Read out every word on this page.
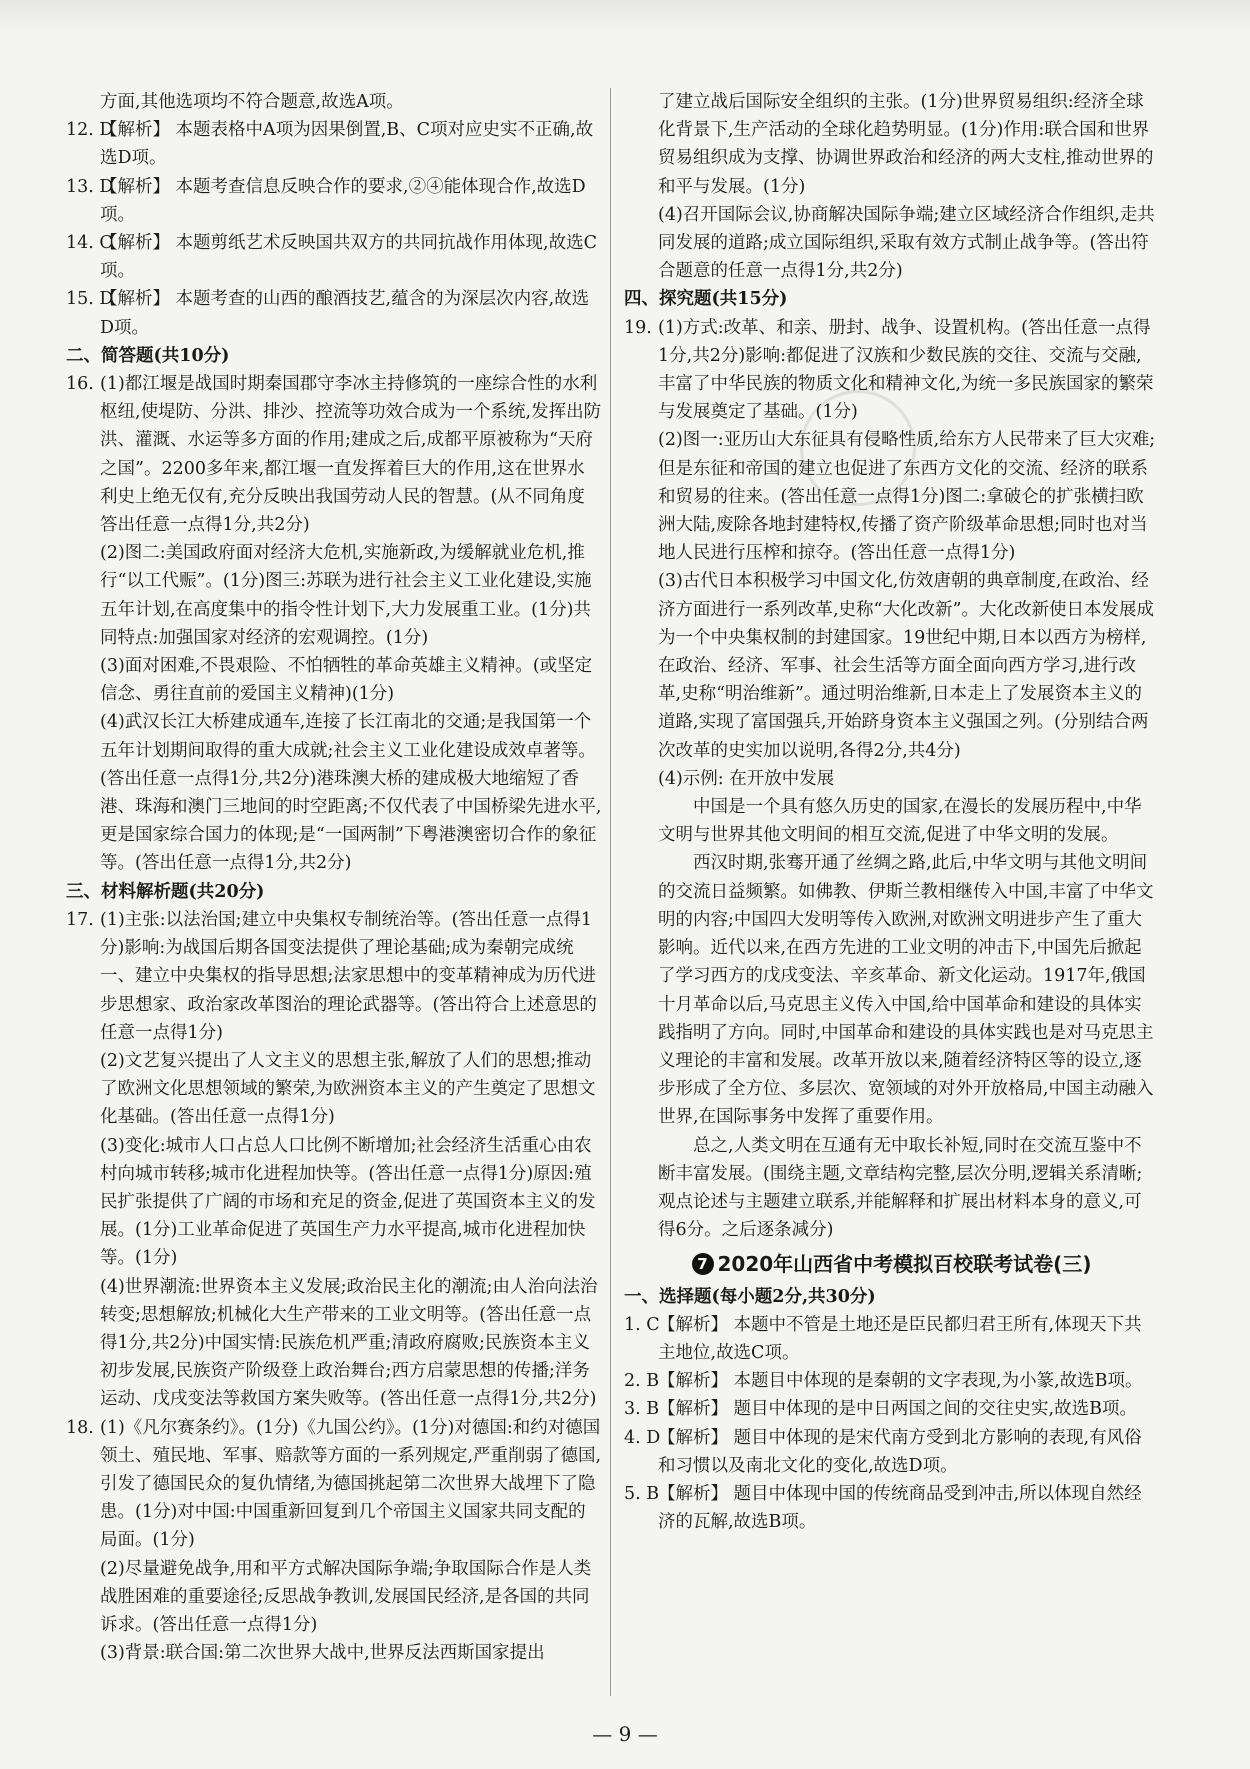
方面,其他选项均不符合题意,故选A项。

12. D
【解析】 本题表格中A项为因果倒置,B、C项对应史实不正确,故选D项。

13. D
【解析】 本题考查信息反映合作的要求,②④能体现合作,故选D项。

14. C
【解析】 本题剪纸艺术反映国共双方的共同抗战作用体现,故选C项。

15. D
【解析】 本题考查的山西的酿酒技艺,蕴含的为深层次内容,故选D项。

二、简答题(共10分)

16. (1)都江堰是战国时期秦国郡守李冰主持修筑的一座综合性的水利枢纽,使堤防、分洪、排沙、控流等功效合成为一个系统,发挥出防洪、灌溉、水运等多方面的作用;建成之后,成都平原被称为“天府之国”。2200多年来,都江堰一直发挥着巨大的作用,这在世界水利史上绝无仅有,充分反映出我国劳动人民的智慧。(从不同角度答出任意一点得1分,共2分)

(2)图二:美国政府面对经济大危机,实施新政,为缓解就业危机,推行“以工代赈”。(1分)图三:苏联为进行社会主义工业化建设,实施五年计划,在高度集中的指令性计划下,大力发展重工业。(1分)共同特点:加强国家对经济的宏观调控。(1分)

(3)面对困难,不畏艰险、不怕牺牲的革命英雄主义精神。(或坚定信念、勇往直前的爱国主义精神)(1分)

(4)武汉长江大桥建成通车,连接了长江南北的交通;是我国第一个五年计划期间取得的重大成就;社会主义工业化建设成效卓著等。(答出任意一点得1分,共2分)港珠澳大桥的建成极大地缩短了香港、珠海和澳门三地间的时空距离;不仅代表了中国桥梁先进水平,更是国家综合国力的体现;是“一国两制”下粤港澳密切合作的象征等。(答出任意一点得1分,共2分)

三、材料解析题(共20分)

17. (1)主张:以法治国;建立中央集权专制统治等。(答出任意一点得1分)影响:为战国后期各国变法提供了理论基础;成为秦朝完成统一、建立中央集权的指导思想;法家思想中的变革精神成为历代进步思想家、政治家改革图治的理论武器等。(答出符合上述意思的任意一点得1分)

(2)文艺复兴提出了人文主义的思想主张,解放了人们的思想;推动了欧洲文化思想领域的繁荣,为欧洲资本主义的产生奠定了思想文化基础。(答出任意一点得1分)

(3)变化:城市人口占总人口比例不断增加;社会经济生活重心由农村向城市转移;城市化进程加快等。(答出任意一点得1分)原因:殖民扩张提供了广阔的市场和充足的资金,促进了英国资本主义的发展。(1分)工业革命促进了英国生产力水平提高,城市化进程加快等。(1分)

(4)世界潮流:世界资本主义发展;政治民主化的潮流;由人治向法治转变;思想解放;机械化大生产带来的工业文明等。(答出任意一点得1分,共2分)中国实情:民族危机严重;清政府腐败;民族资本主义初步发展,民族资产阶级登上政治舞台;西方启蒙思想的传播;洋务运动、戊戌变法等救国方案失败等。(答出任意一点得1分,共2分)

18. (1)《凡尔赛条约》。(1分)《九国公约》。(1分)对德国:和约对德国领土、殖民地、军事、赔款等方面的一系列规定,严重削弱了德国,引发了德国民众的复仇情绪,为德国挑起第二次世界大战埋下了隐患。(1分)对中国:中国重新回复到几个帝国主义国家共同支配的局面。(1分)

(2)尽量避免战争,用和平方式解决国际争端;争取国际合作是人类战胜困难的重要途径;反思战争教训,发展国民经济,是各国的共同诉求。(答出任意一点得1分)

(3)背景:联合国:第二次世界大战中,世界反法西斯国家提出

了建立战后国际安全组织的主张。(1分)世界贸易组织:经济全球化背景下,生产活动的全球化趋势明显。(1分)作用:联合国和世界贸易组织成为支撑、协调世界政治和经济的两大支柱,推动世界的和平与发展。(1分)

(4)召开国际会议,协商解决国际争端;建立区域经济合作组织,走共同发展的道路;成立国际组织,采取有效方式制止战争等。(答出符合题意的任意一点得1分,共2分)

四、探究题(共15分)

19. (1)方式:改革、和亲、册封、战争、设置机构。(答出任意一点得1分,共2分)影响:都促进了汉族和少数民族的交往、交流与交融,丰富了中华民族的物质文化和精神文化,为统一多民族国家的繁荣与发展奠定了基础。(1分)

(2)图一:亚历山大东征具有侵略性质,给东方人民带来了巨大灾难;但是东征和帝国的建立也促进了东西方文化的交流、经济的联系和贸易的往来。(答出任意一点得1分)图二:拿破仑的扩张横扫欧洲大陆,废除各地封建特权,传播了资产阶级革命思想;同时也对当地人民进行压榨和掠夺。(答出任意一点得1分)

(3)古代日本积极学习中国文化,仿效唐朝的典章制度,在政治、经济方面进行一系列改革,史称“大化改新”。大化改新使日本发展成为一个中央集权制的封建国家。19世纪中期,日本以西方为榜样,在政治、经济、军事、社会生活等方面全面向西方学习,进行改革,史称“明治维新”。通过明治维新,日本走上了发展资本主义的道路,实现了富国强兵,开始跻身资本主义强国之列。(分别结合两次改革的史实加以说明,各得2分,共4分)

(4)示例: 在开放中发展

中国是一个具有悠久历史的国家,在漫长的发展历程中,中华文明与世界其他文明间的相互交流,促进了中华文明的发展。

西汉时期,张骞开通了丝绸之路,此后,中华文明与其他文明间的交流日益频繁。如佛教、伊斯兰教相继传入中国,丰富了中华文明的内容;中国四大发明等传入欧洲,对欧洲文明进步产生了重大影响。近代以来,在西方先进的工业文明的冲击下,中国先后掀起了学习西方的戊戌变法、辛亥革命、新文化运动。1917年,俄国十月革命以后,马克思主义传入中国,给中国革命和建设的具体实践指明了方向。同时,中国革命和建设的具体实践也是对马克思主义理论的丰富和发展。改革开放以来,随着经济特区等的设立,逐步形成了全方位、多层次、宽领域的对外开放格局,中国主动融入世界,在国际事务中发挥了重要作用。

总之,人类文明在互通有无中取长补短,同时在交流互鉴中不断丰富发展。(围绕主题,文章结构完整,层次分明,逻辑关系清晰;观点论述与主题建立联系,并能解释和扩展出材料本身的意义,可得6分。之后逐条减分)

7 2020年山西省中考模拟百校联考试卷(三)

一、选择题(每小题2分,共30分)

1. C
【解析】 本题中不管是土地还是臣民都归君王所有,体现天下共主地位,故选C项。

2. B
【解析】 本题目中体现的是秦朝的文字表现,为小篆,故选B项。

3. B
【解析】 题目中体现的是中日两国之间的交往史实,故选B项。

4. D
【解析】 题目中体现的是宋代南方受到北方影响的表现,有风俗和习惯以及南北文化的变化,故选D项。

5. B
【解析】 题目中体现中国的传统商品受到冲击,所以体现自然经济的瓦解,故选B项。

— 9 —
